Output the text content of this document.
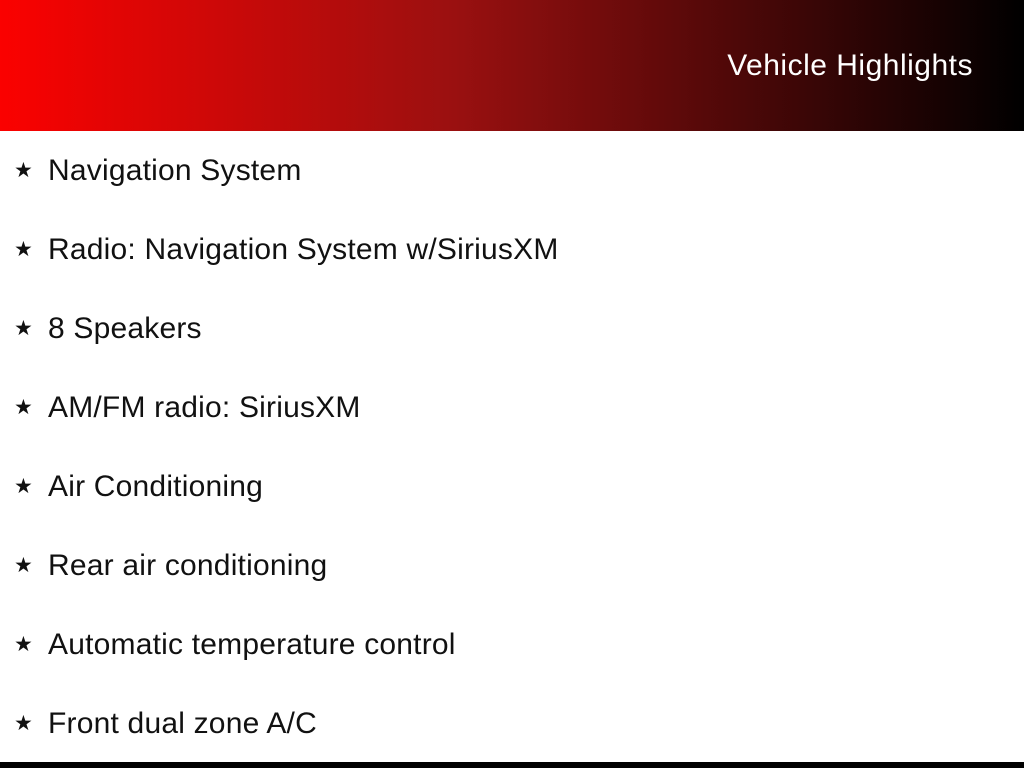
Vehicle Highlights
★ Navigation System
★ Radio: Navigation System w/SiriusXM
★ 8 Speakers
★ AM/FM radio: SiriusXM
★ Air Conditioning
★ Rear air conditioning
★ Automatic temperature control
★ Front dual zone A/C
